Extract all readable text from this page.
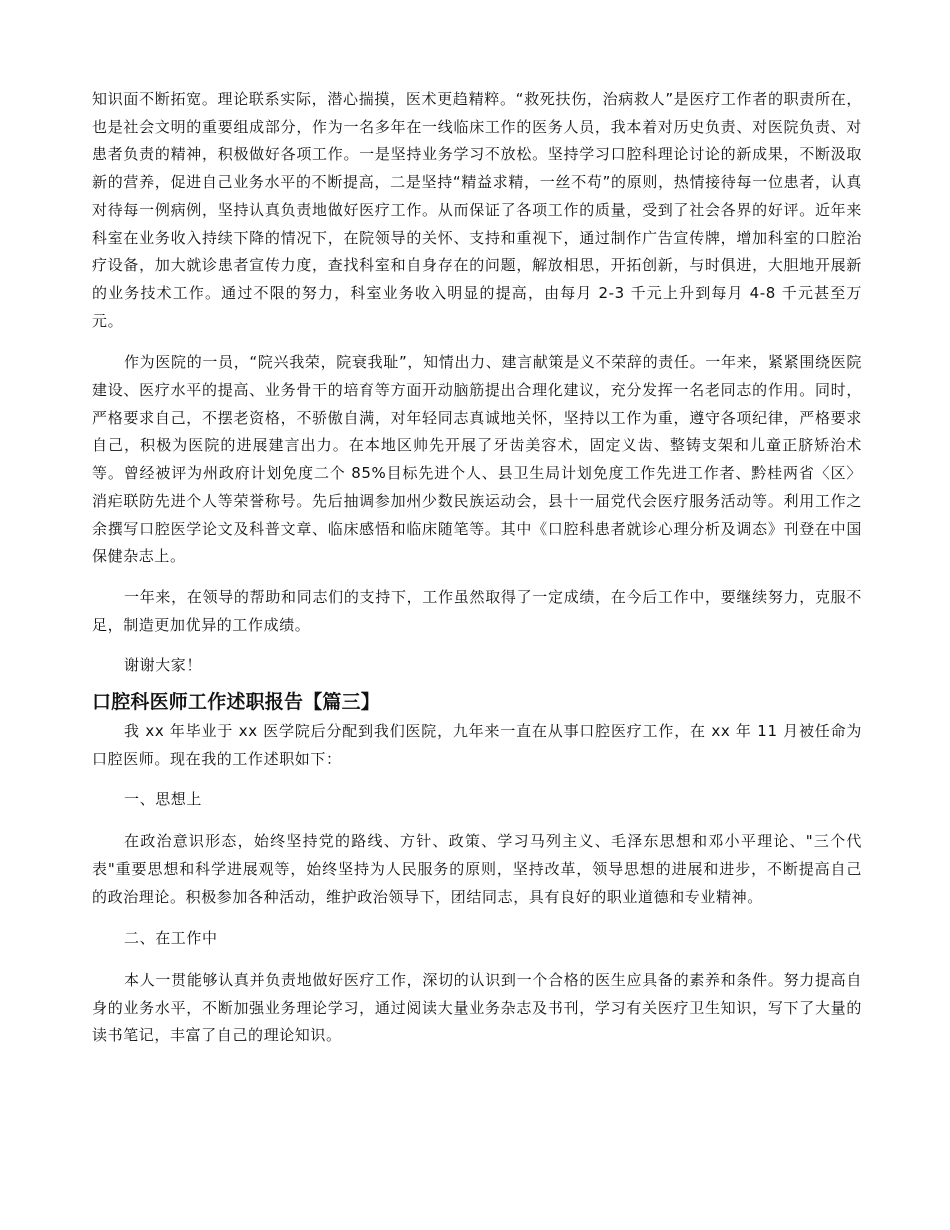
知识面不断拓宽。理论联系实际，潜心揣摸，医术更趋精粹。“救死扶伤，治病救人”是医疗工作者的职责所在，也是社会文明的重要组成部分，作为一名多年在一线临床工作的医务人员，我本着对历史负责、对医院负责、对患者负责的精神，积极做好各项工作。一是坚持业务学习不放松。坚持学习口腔科理论讨论的新成果，不断汲取新的营养，促进自己业务水平的不断提高，二是坚持“精益求精，一丝不苟”的原则，热情接待每一位患者，认真对待每一例病例，坚持认真负责地做好医疗工作。从而保证了各项工作的质量，受到了社会各界的好评。近年来科室在业务收入持续下降的情况下，在院领导的关怀、支持和重视下，通过制作广告宣传牌，增加科室的口腔治疗设备，加大就诊患者宣传力度，查找科室和自身存在的问题，解放相思，开拓创新，与时俱进，大胆地开展新的业务技术工作。通过不限的努力，科室业务收入明显的提高，由每月 2-3 千元上升到每月 4-8 千元甚至万元。

作为医院的一员，“院兴我荣，院衰我耻”，知情出力、建言献策是义不荣辞的责任。一年来，紧紧围绕医院建设、医疗水平的提高、业务骨干的培育等方面开动脑筋提出合理化建议，充分发挥一名老同志的作用。同时，严格要求自己，不摆老资格，不骄傲自满，对年轻同志真诚地关怀，坚持以工作为重，遵守各项纪律，严格要求自己，积极为医院的进展建言出力。在本地区帅先开展了牙齿美容术，固定义齿、整铸支架和儿童正脐矫治术等。曾经被评为州政府计划免度二个 85%目标先进个人、县卫生局计划免度工作先进工作者、黔桂两省〈区〉消疟联防先进个人等荣誉称号。先后抽调参加州少数民族运动会，县十一届党代会医疗服务活动等。利用工作之余撰写口腔医学论文及科普文章、临床感悟和临床随笔等。其中《口腔科患者就诊心理分析及调态》刊登在中国保健杂志上。

一年来，在领导的帮助和同志们的支持下，工作虽然取得了一定成绩，在今后工作中，要继续努力，克服不足，制造更加优异的工作成绩。

谢谢大家！

口腔科医师工作述职报告【篇三】

我 xx 年毕业于 xx 医学院后分配到我们医院，九年来一直在从事口腔医疗工作，在 xx 年 11 月被任命为口腔医师。现在我的工作述职如下：

一、思想上

在政治意识形态，始终坚持党的路线、方针、政策、学习马列主义、毛泽东思想和邓小平理论、"三个代表"重要思想和科学进展观等，始终坚持为人民服务的原则，坚持改革，领导思想的进展和进步，不断提高自己的政治理论。积极参加各种活动，维护政治领导下，团结同志，具有良好的职业道德和专业精神。

二、在工作中

本人一贯能够认真并负责地做好医疗工作，深切的认识到一个合格的医生应具备的素养和条件。努力提高自身的业务水平，不断加强业务理论学习，通过阅读大量业务杂志及书刊，学习有关医疗卫生知识，写下了大量的读书笔记，丰富了自己的理论知识。
